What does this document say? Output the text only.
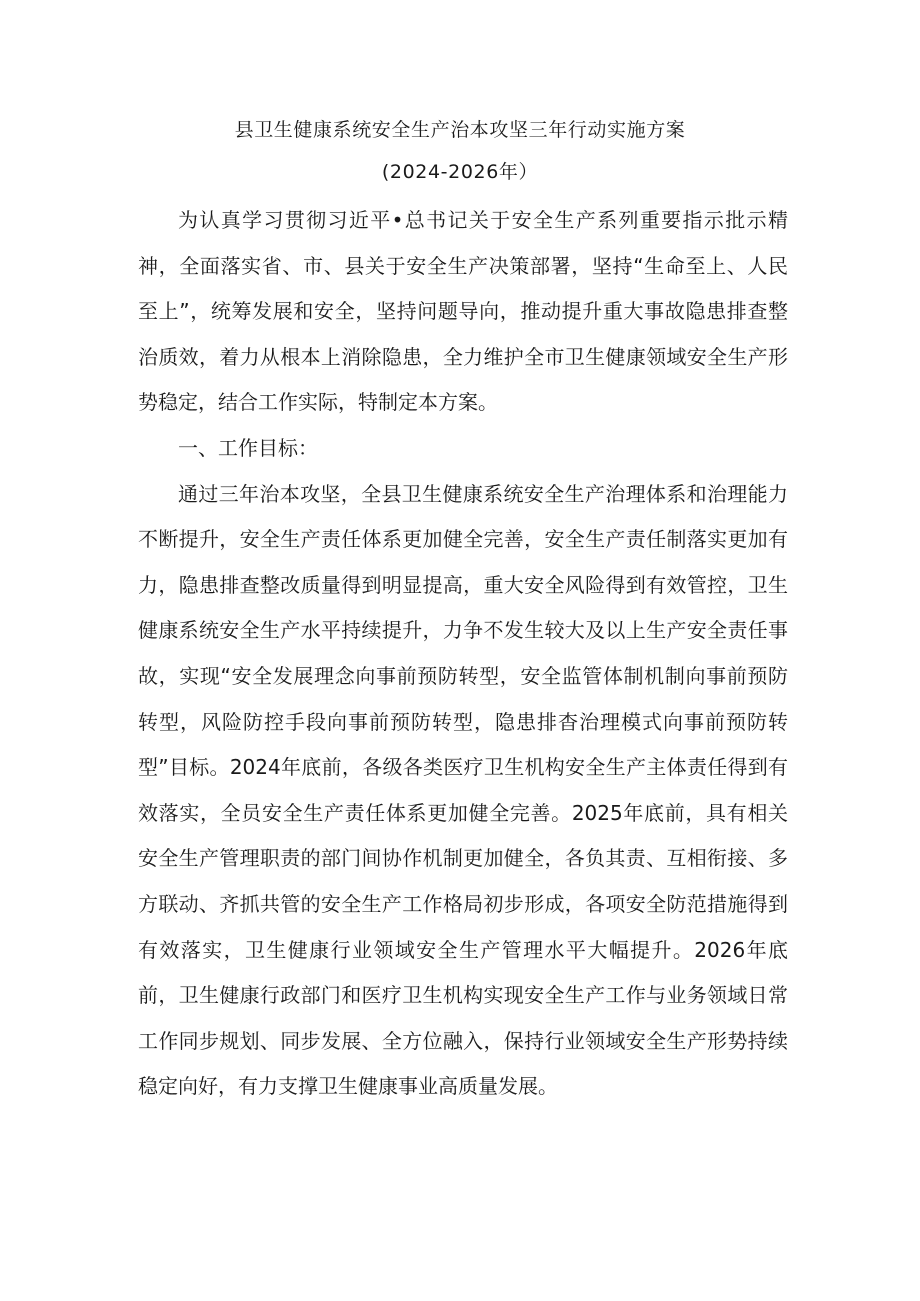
县卫生健康系统安全生产治本攻坚三年行动实施方案
(2024-2026年）

为认真学习贯彻习近平•总书记关于安全生产系列重要指示批示精神，全面落实省、市、县关于安全生产决策部署，坚持“生命至上、人民至上”，统筹发展和安全，坚持问题导向，推动提升重大事故隐患排查整治质效，着力从根本上消除隐患，全力维护全市卫生健康领域安全生产形势稳定，结合工作实际，特制定本方案。

一、工作目标：

通过三年治本攻坚，全县卫生健康系统安全生产治理体系和治理能力不断提升，安全生产责任体系更加健全完善，安全生产责任制落实更加有力，隐患排查整改质量得到明显提高，重大安全风险得到有效管控，卫生健康系统安全生产水平持续提升，力争不发生较大及以上生产安全责任事故，实现“安全发展理念向事前预防转型，安全监管体制机制向事前预防转型，风险防控手段向事前预防转型，隐患排杳治理模式向事前预防转型”目标。2024年底前，各级各类医疗卫生机构安全生产主体责任得到有效落实，全员安全生产责任体系更加健全完善。2025年底前，具有相关安全生产管理职责的部门间协作机制更加健全，各负其责、互相衔接、多方联动、齐抓共管的安全生产工作格局初步形成，各项安全防范措施得到有效落实，卫生健康行业领域安全生产管理水平大幅提升。2026年底前，卫生健康行政部门和医疗卫生机构实现安全生产工作与业务领域日常工作同步规划、同步发展、全方位融入，保持行业领域安全生产形势持续稳定向好，有力支撑卫生健康事业高质量发展。
